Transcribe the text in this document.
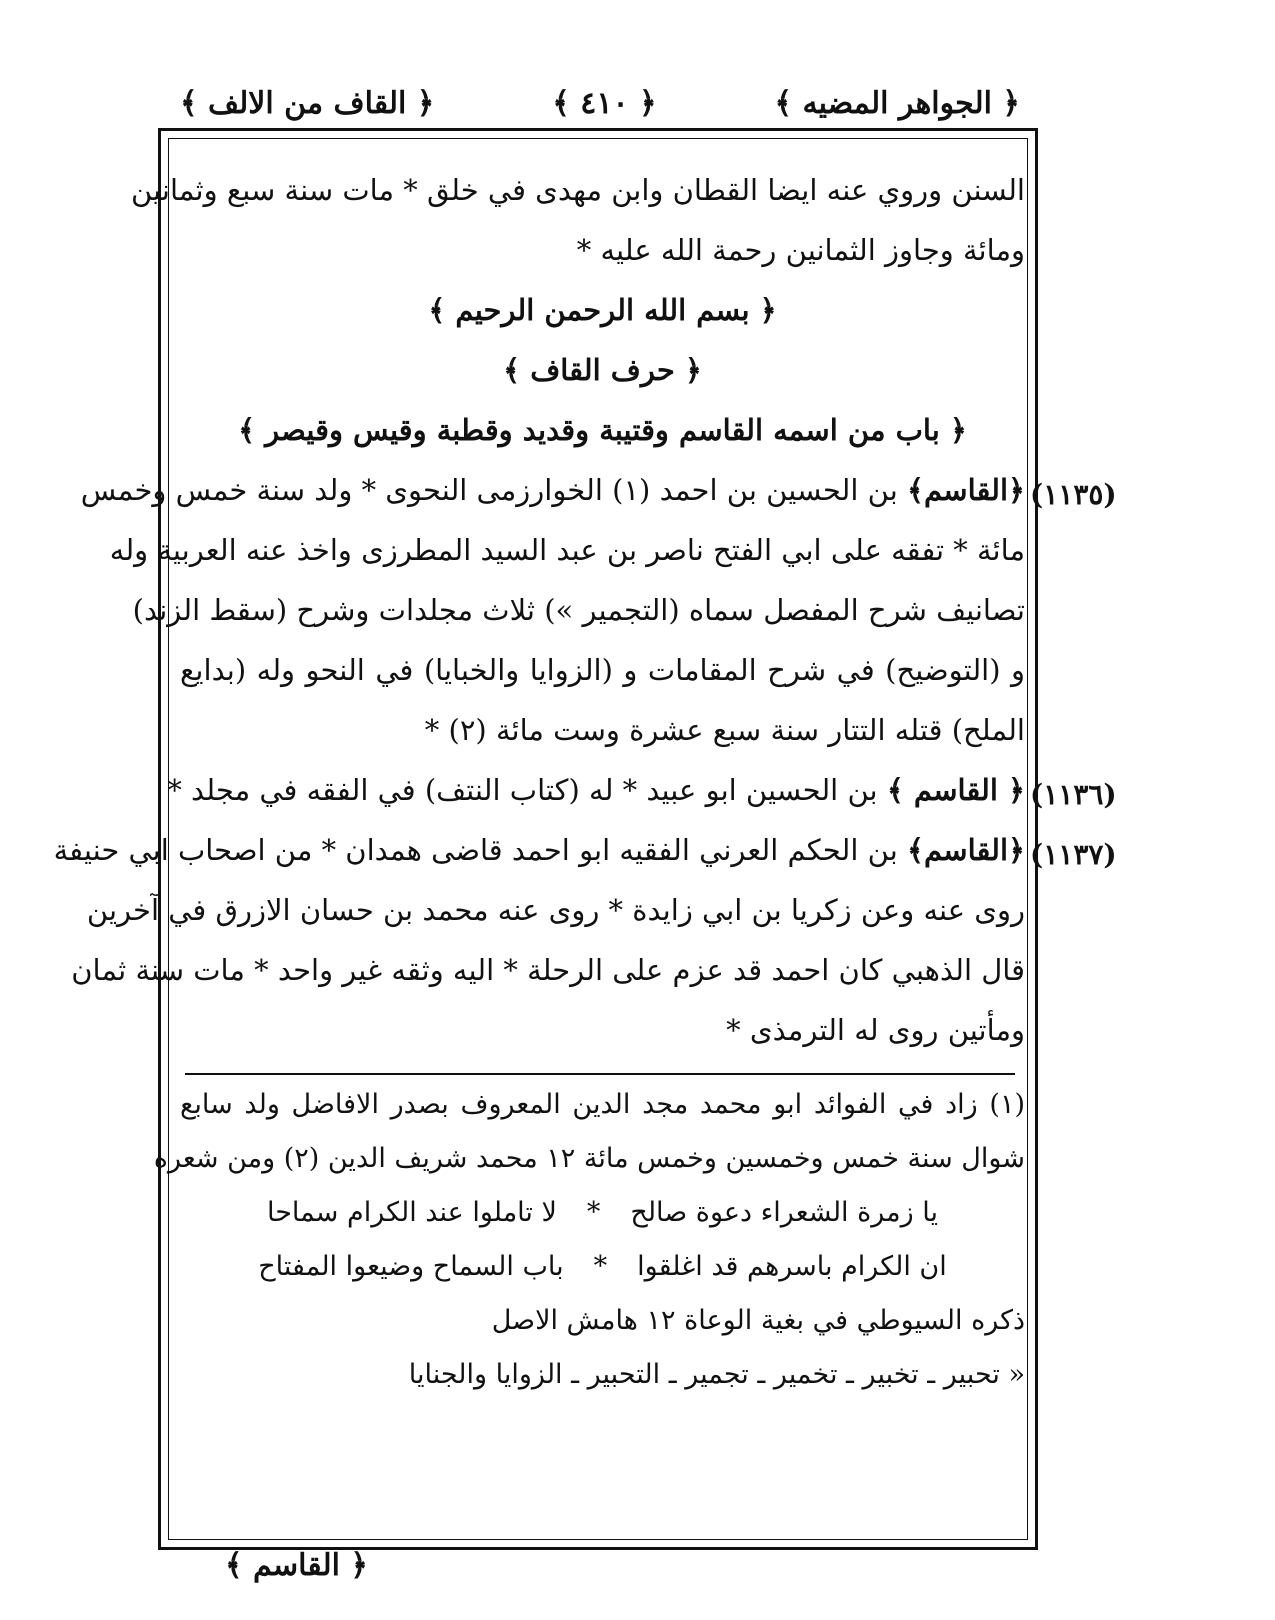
﴿ الجواهر المضيه ﴾
﴿ ٤١٠ ﴾
﴿ القاف من الالف ﴾
السنن وروي عنه ايضا القطان وابن مهدى في خلق * مات سنة سبع وثمانين
ومائة وجاوز الثمانين رحمة الله عليه *
﴿ بسم الله الرحمن الرحيم ﴾
﴿ حرف القاف ﴾
﴿ باب من اسمه القاسم وقتيبة وقديد وقطبة وقيس وقيصر ﴾
﴿القاسم﴾ بن الحسين بن احمد (١) الخوارزمى النحوى * ولد سنة خمس وخمس
مائة * تفقه على ابي الفتح ناصر بن عبد السيد المطرزى واخذ عنه العربية وله
تصانيف شرح المفصل سماه (التجمير ») ثلاث مجلدات وشرح (سقط الزند)
و (التوضيح) في شرح المقامات و (الزوايا والخبايا) في النحو وله (بدايع
الملح) قتله التتار سنة سبع عشرة وست مائة (٢) *
﴿ القاسم ﴾ بن الحسين ابو عبيد * له (كتاب النتف) في الفقه في مجلد *
﴿القاسم﴾ بن الحكم العرني الفقيه ابو احمد قاضى همدان * من اصحاب ابي حنيفة
روى عنه وعن زكريا بن ابي زايدة * روى عنه محمد بن حسان الازرق في آخرين
قال الذهبي كان احمد قد عزم على الرحلة * اليه وثقه غير واحد * مات سنة ثمان
ومأتين روى له الترمذى *
(١١٣٥)
(١١٣٦)
(١١٣٧)
(١) زاد في الفوائد ابو محمد مجد الدين المعروف بصدر الافاضل ولد سابع
شوال سنة خمس وخمسين وخمس مائة ١٢ محمد شريف الدين (٢) ومن شعره
يا زمرة الشعراء دعوة صالح
*
لا تاملوا عند الكرام سماحا
ان الكرام باسرهم قد اغلقوا
*
باب السماح وضيعوا المفتاح
ذكره السيوطي في بغية الوعاة ١٢ هامش الاصل
« تحبير ـ تخبير ـ تخمير ـ تجمير ـ التحبير ـ الزوايا والجنايا
﴿ القاسم ﴾
